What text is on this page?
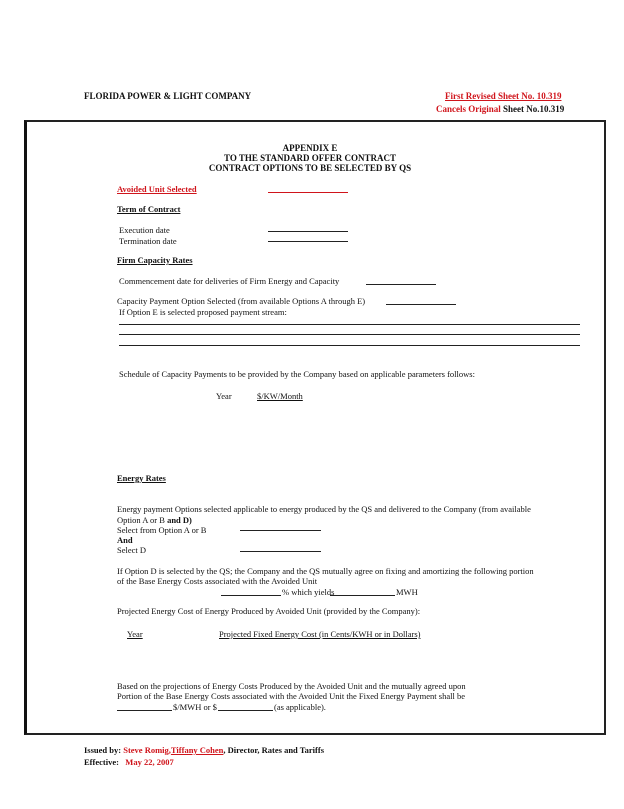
FLORIDA POWER & LIGHT COMPANY	First Revised Sheet No. 10.319
Cancels Original Sheet No.10.319
APPENDIX E
TO THE STANDARD OFFER CONTRACT
CONTRACT OPTIONS TO BE SELECTED BY QS
Avoided Unit Selected
Term of Contract
Execution date
Termination date
Firm Capacity Rates
Commencement date for deliveries of Firm Energy and Capacity
Capacity Payment Option Selected (from available Options A through E)
If Option E is selected proposed payment stream:
Schedule of Capacity Payments to be provided by the Company based on applicable parameters follows:
Year	$/KW/Month
Energy Rates
Energy payment Options selected applicable to energy produced by the QS and delivered to the Company (from available
Option A or B and D)
Select from Option A or B
And
Select D
If Option D is selected by the QS; the Company and the QS mutually agree on fixing and amortizing the following portion
of the Base Energy Costs associated with the Avoided Unit
% which yields	MWH
Projected Energy Cost of Energy Produced by Avoided Unit (provided by the Company):
Year	Projected Fixed Energy Cost (in Cents/KWH or in Dollars)
Based on the projections of Energy Costs Produced by the Avoided Unit and the mutually agreed upon
Portion of the Base Energy Costs associated with the Avoided Unit the Fixed Energy Payment shall be
$/MWH or $	(as applicable).
Issued by: Steve Romig,Tiffany Cohen, Director, Rates and Tariffs
Effective:   May 22, 2007
